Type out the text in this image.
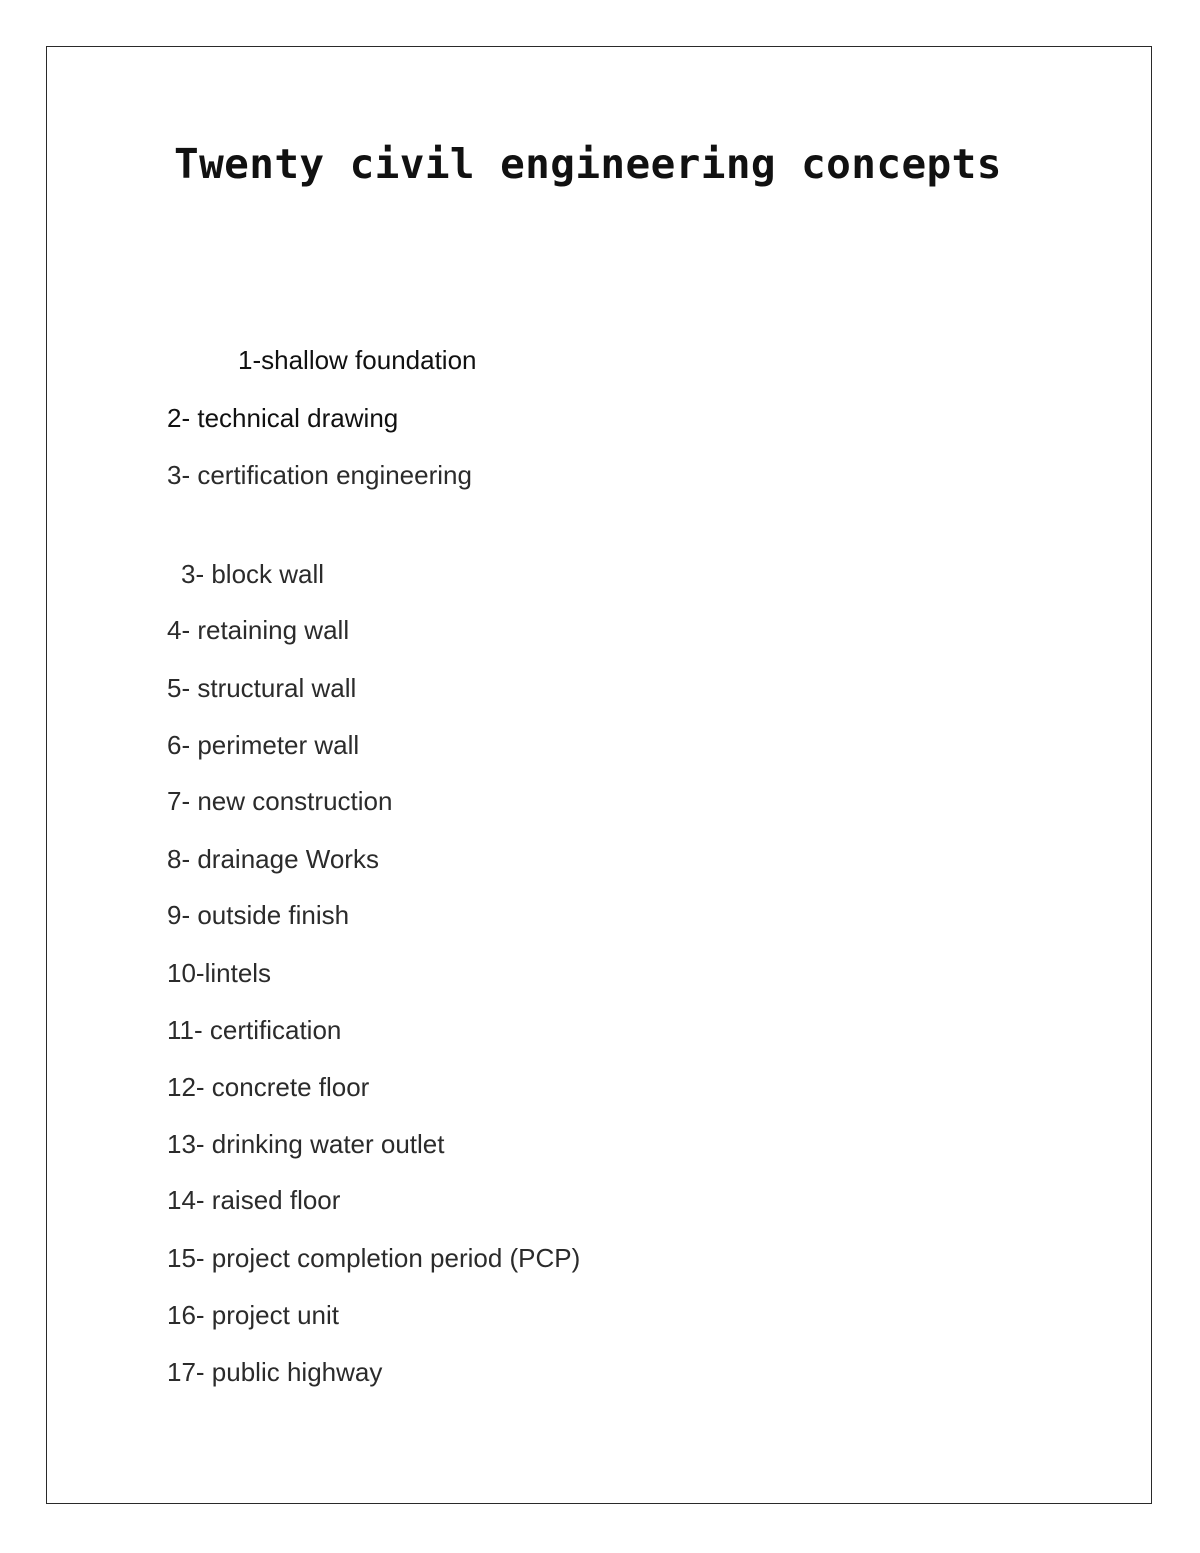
Twenty civil engineering concepts

1-shallow foundation

2- technical drawing

3- certification engineering

3- block wall

4- retaining wall

5- structural wall

6- perimeter wall

7- new construction

8- drainage Works

9- outside finish

10-lintels

11- certification

12- concrete floor

13- drinking water outlet

14- raised floor

15- project completion period (PCP)

16- project unit

17- public highway
